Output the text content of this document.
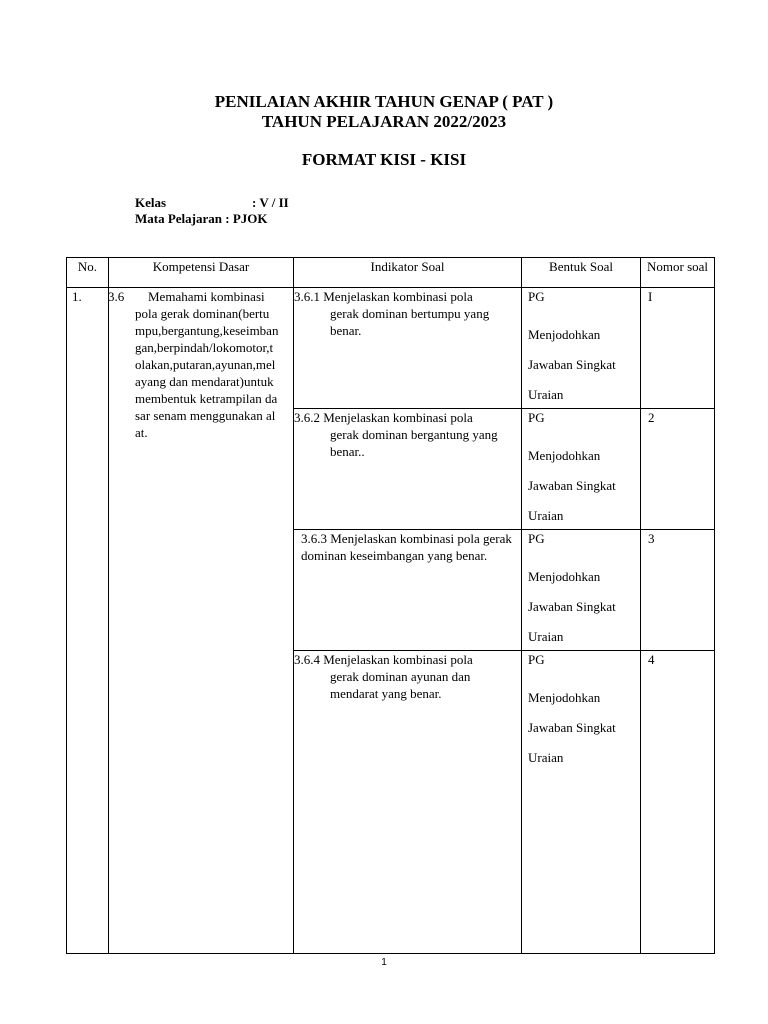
PENILAIAN AKHIR TAHUN GENAP ( PAT )
TAHUN PELAJARAN 2022/2023
FORMAT KISI - KISI
Kelas	: V / II
Mata Pelajaran : PJOK
No.	Kompetensi Dasar	Indikator Soal	Bentuk Soal	Nomor soal
1.	3.6 Memahami kombinasi
pola gerak dominan(bertumpu,bergantung,keseimbangan,berpindah/lokomotor,tolakan,putaran,ayunan,melayang dan mendarat)untuk membentuk ketrampilan dasar senam menggunakan alat.	3.6.1 Menjelaskan kombinasi pola
gerak dominan bertumpu yang benar.	PG
Menjodohkan
Jawaban Singkat
Uraian	I

		3.6.2 Menjelaskan kombinasi pola
gerak dominan bergantung yang benar..	PG
Menjodohkan
Jawaban Singkat
Uraian	2

		3.6.3 Menjelaskan kombinasi pola gerak dominan keseimbangan yang benar.	PG
Menjodohkan
Jawaban Singkat
Uraian	3

		3.6.4 Menjelaskan kombinasi pola
gerak dominan ayunan dan mendarat yang benar.	PG
Menjodohkan
Jawaban Singkat
Uraian	4
1
